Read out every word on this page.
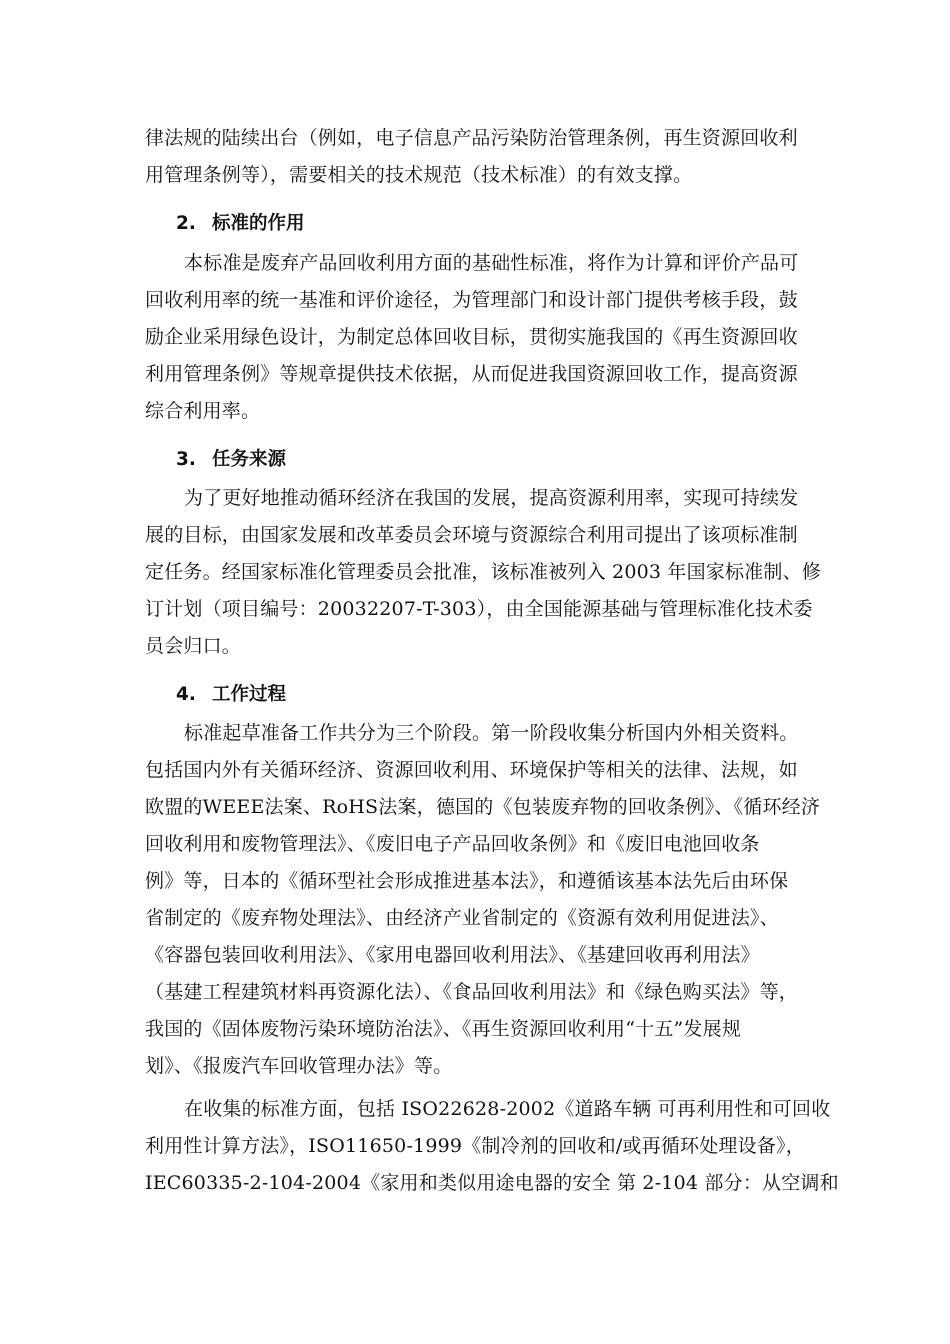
律法规的陆续出台（例如，电子信息产品污染防治管理条例，再生资源回收利
用管理条例等），需要相关的技术规范（技术标准）的有效支撑。
2. 标准的作用
本标准是废弃产品回收利用方面的基础性标准，将作为计算和评价产品可
回收利用率的统一基准和评价途径，为管理部门和设计部门提供考核手段，鼓
励企业采用绿色设计，为制定总体回收目标，贯彻实施我国的《再生资源回收
利用管理条例》等规章提供技术依据，从而促进我国资源回收工作，提高资源
综合利用率。
3. 任务来源
为了更好地推动循环经济在我国的发展，提高资源利用率，实现可持续发
展的目标，由国家发展和改革委员会环境与资源综合利用司提出了该项标准制
定任务。经国家标准化管理委员会批准，该标准被列入 2003 年国家标准制、修
订计划（项目编号：20032207-T-303），由全国能源基础与管理标准化技术委
员会归口。
4. 工作过程
标准起草准备工作共分为三个阶段。第一阶段收集分析国内外相关资料。
包括国内外有关循环经济、资源回收利用、环境保护等相关的法律、法规，如
欧盟的WEEE法案、RoHS法案，德国的《包装废弃物的回收条例》、《循环经济
回收利用和废物管理法》、《废旧电子产品回收条例》和《废旧电池回收条
例》等，日本的《循环型社会形成推进基本法》，和遵循该基本法先后由环保
省制定的《废弃物处理法》、由经济产业省制定的《资源有效利用促进法》、
《容器包装回收利用法》、《家用电器回收利用法》、《基建回收再利用法》
（基建工程建筑材料再资源化法）、《食品回收利用法》和《绿色购买法》等，
我国的《固体废物污染环境防治法》、《再生资源回收利用“十五”发展规
划》、《报废汽车回收管理办法》等。
在收集的标准方面，包括 ISO22628-2002《道路车辆 可再利用性和可回收
利用性计算方法》，ISO11650-1999《制冷剂的回收和/或再循环处理设备》，
IEC60335-2-104-2004《家用和类似用途电器的安全 第 2-104 部分：从空调和
